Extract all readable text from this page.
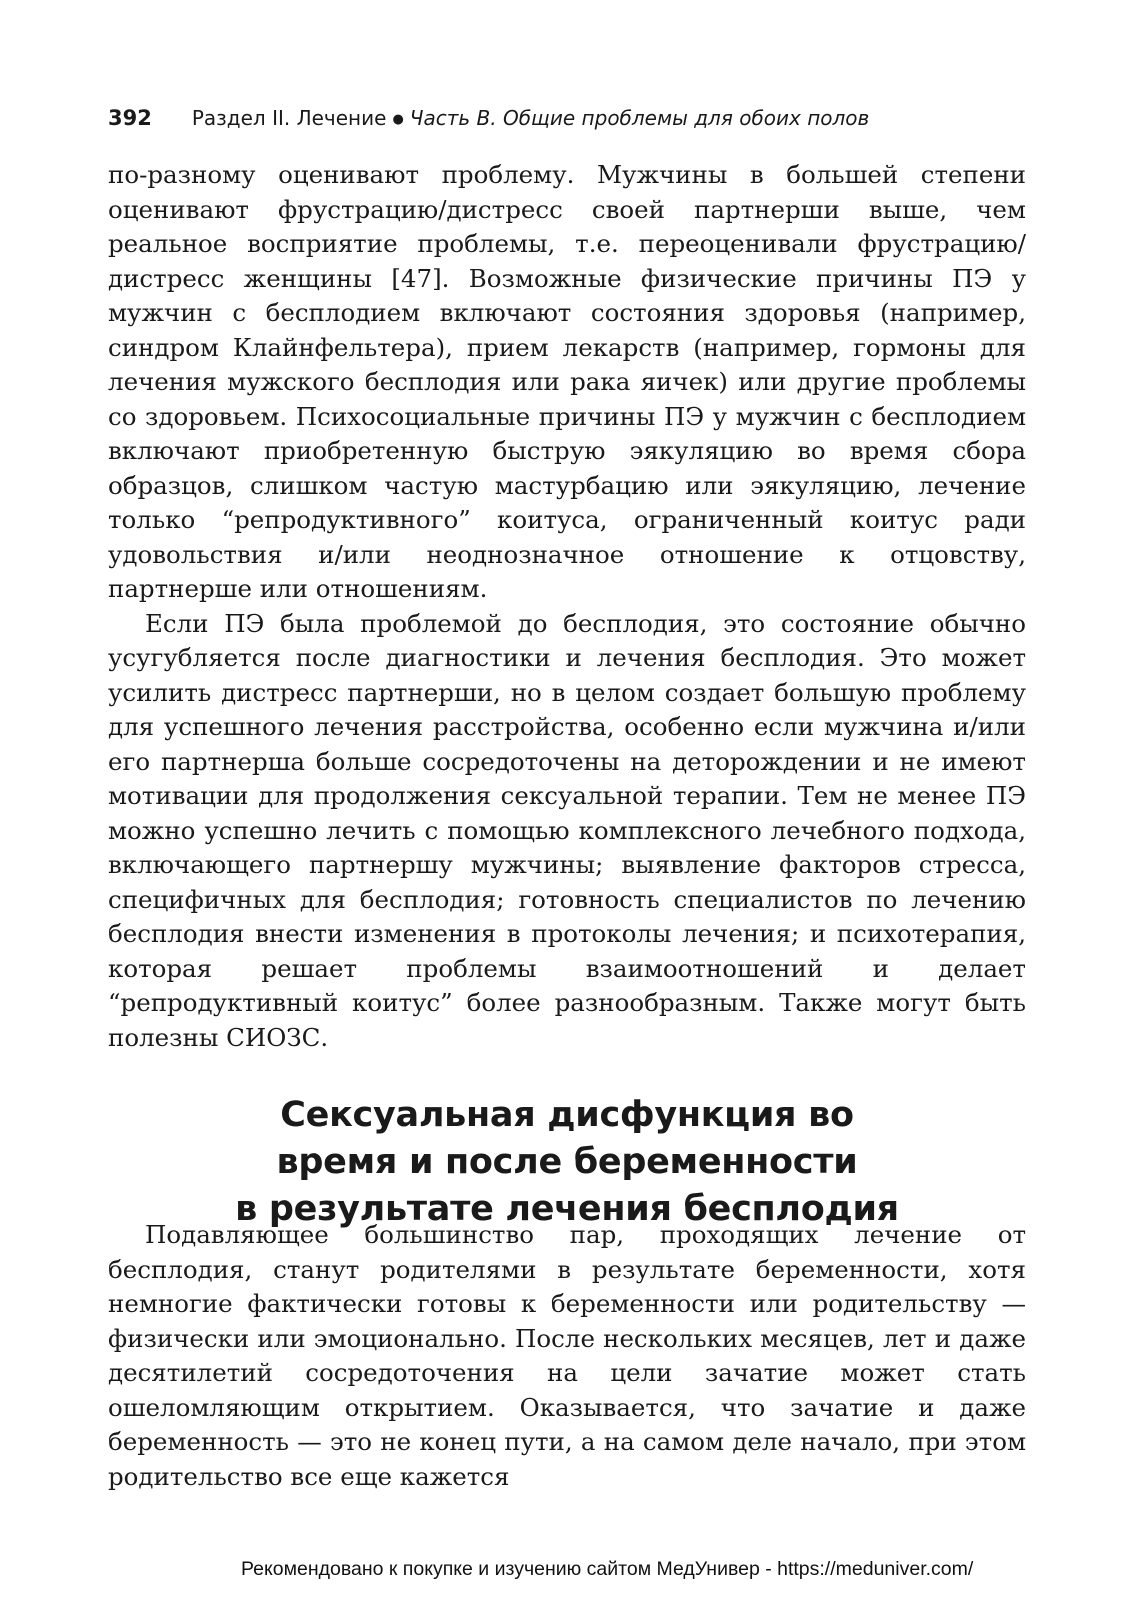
392 Раздел II. Лечение ● Часть В. Общие проблемы для обоих полов

по-разному оценивают проблему. Мужчины в большей степени оценивают фрустрацию/дистресс своей партнерши выше, чем реальное восприятие проблемы, т.е. переоценивали фрустрацию/дистресс женщины [47]. Возможные физические причины ПЭ у мужчин с бесплодием включают состояния здоровья (например, синдром Клайнфельтера), прием лекарств (например, гормоны для лечения мужского бесплодия или рака яичек) или другие проблемы со здоровьем. Психосоциальные причины ПЭ у мужчин с бесплодием включают приобретенную быструю эякуляцию во время сбора образцов, слишком частую мастурбацию или эякуляцию, лечение только “репродуктивного” коитуса, ограниченный коитус ради удовольствия и/или неоднозначное отношение к отцовству, партнерше или отношениям.

Если ПЭ была проблемой до бесплодия, это состояние обычно усугубляется после диагностики и лечения бесплодия. Это может усилить дистресс партнерши, но в целом создает большую проблему для успешного лечения расстройства, особенно если мужчина и/или его партнерша больше сосредоточены на деторождении и не имеют мотивации для продолжения сексуальной терапии. Тем не менее ПЭ можно успешно лечить с помощью комплексного лечебного подхода, включающего партнершу мужчины; выявление факторов стресса, специфичных для бесплодия; готовность специалистов по лечению бесплодия внести изменения в протоколы лечения; и психотерапия, которая решает проблемы взаимоотношений и делает “репродуктивный коитус” более разнообразным. Также могут быть полезны СИОЗС.

Сексуальная дисфункция во
время и после беременности
в результате лечения бесплодия

Подавляющее большинство пар, проходящих лечение от бесплодия, станут родителями в результате беременности, хотя немногие фактически готовы к беременности или родительству — физически или эмоционально. После нескольких месяцев, лет и даже десятилетий сосредоточения на цели зачатие может стать ошеломляющим открытием. Оказывается, что зачатие и даже беременность — это не конец пути, а на самом деле начало, при этом родительство все еще кажется

Рекомендовано к покупке и изучению сайтом МедУнивер - https://meduniver.com/
